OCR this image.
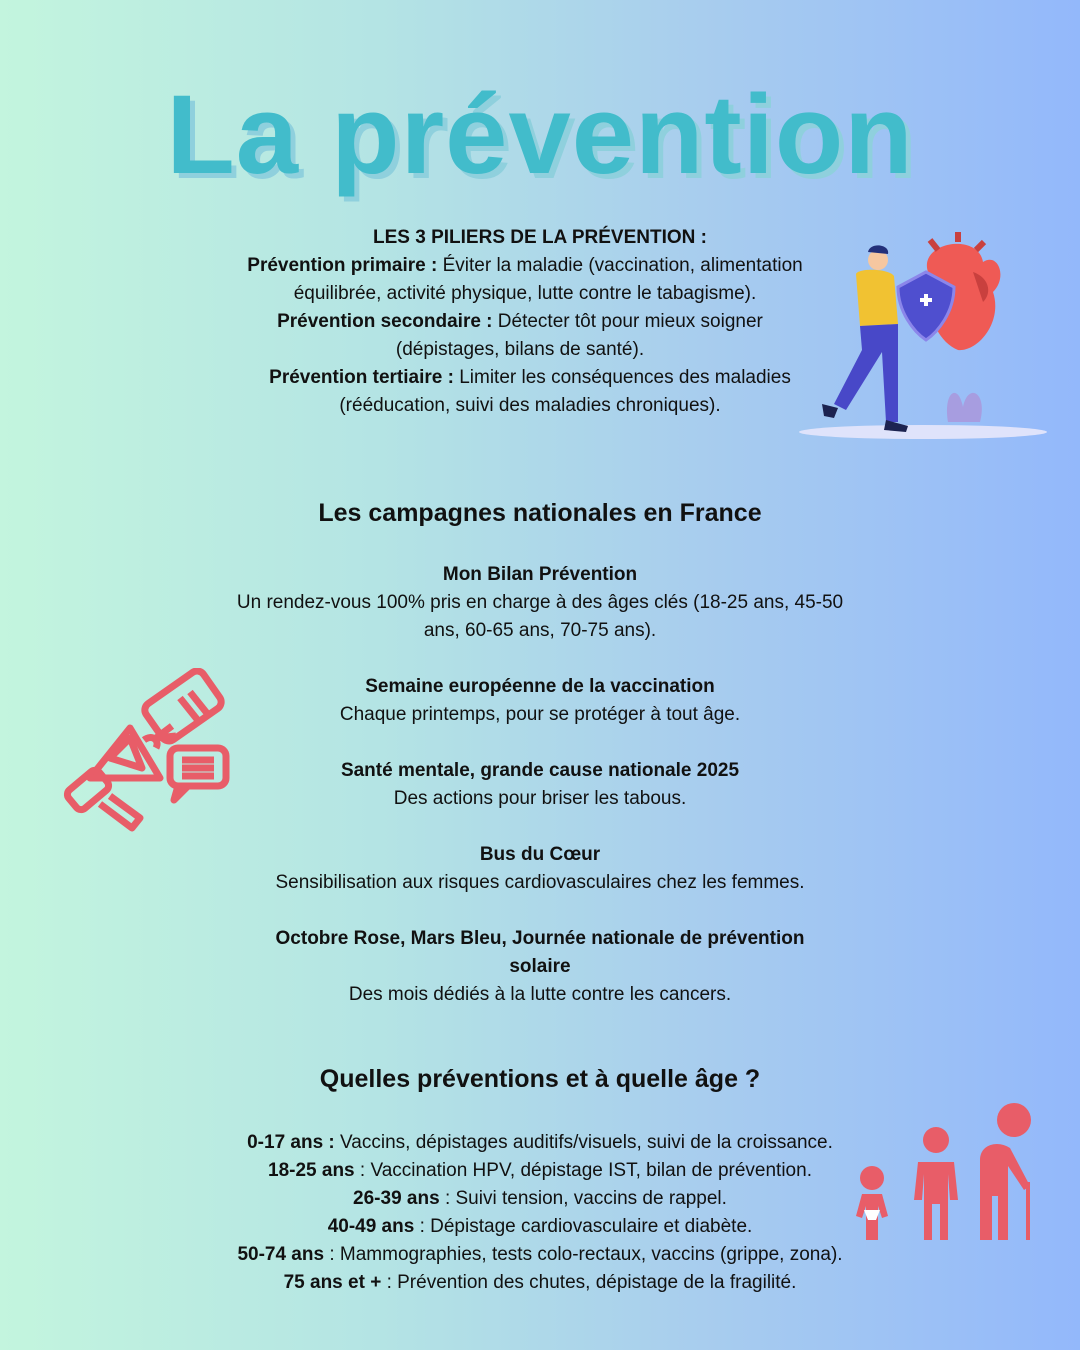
La prévention
LES 3 PILIERS DE LA PRÉVENTION :
Prévention primaire : Éviter la maladie (vaccination, alimentation équilibrée, activité physique, lutte contre le tabagisme).
Prévention secondaire : Détecter tôt pour mieux soigner (dépistages, bilans de santé).
Prévention tertiaire : Limiter les conséquences des maladies (rééducation, suivi des maladies chroniques).
Les campagnes nationales en France
Mon Bilan Prévention
Un rendez-vous 100% pris en charge à des âges clés (18-25 ans, 45-50 ans, 60-65 ans, 70-75 ans).
Semaine européenne de la vaccination
Chaque printemps, pour se protéger à tout âge.
Santé mentale, grande cause nationale 2025
Des actions pour briser les tabous.
Bus du Cœur
Sensibilisation aux risques cardiovasculaires chez les femmes.
Octobre Rose, Mars Bleu, Journée nationale de prévention solaire
Des mois dédiés à la lutte contre les cancers.
Quelles préventions et à quelle âge ?
0-17 ans : Vaccins, dépistages auditifs/visuels, suivi de la croissance.
18-25 ans : Vaccination HPV, dépistage IST, bilan de prévention.
26-39 ans : Suivi tension, vaccins de rappel.
40-49 ans : Dépistage cardiovasculaire et diabète.
50-74 ans : Mammographies, tests colo-rectaux, vaccins (grippe, zona).
75 ans et + : Prévention des chutes, dépistage de la fragilité.
